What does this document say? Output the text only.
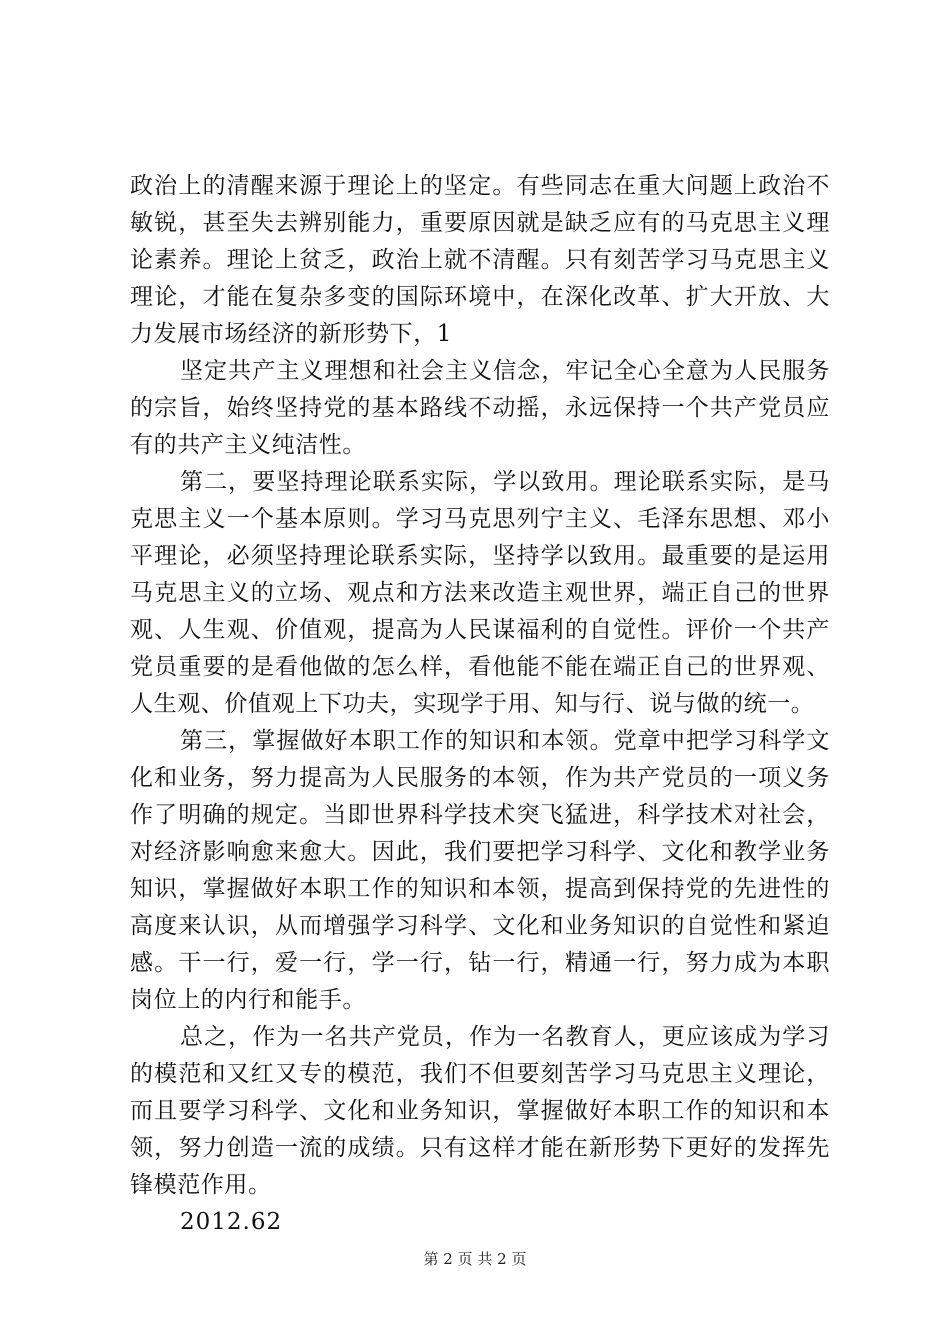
政治上的清醒来源于理论上的坚定。有些同志在重大问题上政治不敏锐，甚至失去辨别能力，重要原因就是缺乏应有的马克思主义理论素养。理论上贫乏，政治上就不清醒。只有刻苦学习马克思主义理论，才能在复杂多变的国际环境中，在深化改革、扩大开放、大力发展市场经济的新形势下，1

坚定共产主义理想和社会主义信念，牢记全心全意为人民服务的宗旨，始终坚持党的基本路线不动摇，永远保持一个共产党员应有的共产主义纯洁性。

第二，要坚持理论联系实际，学以致用。理论联系实际，是马克思主义一个基本原则。学习马克思列宁主义、毛泽东思想、邓小平理论，必须坚持理论联系实际，坚持学以致用。最重要的是运用马克思主义的立场、观点和方法来改造主观世界，端正自己的世界观、人生观、价值观，提高为人民谋福利的自觉性。评价一个共产党员重要的是看他做的怎么样，看他能不能在端正自己的世界观、人生观、价值观上下功夫，实现学于用、知与行、说与做的统一。

第三，掌握做好本职工作的知识和本领。党章中把学习科学文化和业务，努力提高为人民服务的本领，作为共产党员的一项义务作了明确的规定。当即世界科学技术突飞猛进，科学技术对社会，对经济影响愈来愈大。因此，我们要把学习科学、文化和教学业务知识，掌握做好本职工作的知识和本领，提高到保持党的先进性的高度来认识，从而增强学习科学、文化和业务知识的自觉性和紧迫感。干一行，爱一行，学一行，钻一行，精通一行，努力成为本职岗位上的内行和能手。

总之，作为一名共产党员，作为一名教育人，更应该成为学习的模范和又红又专的模范，我们不但要刻苦学习马克思主义理论，而且要学习科学、文化和业务知识，掌握做好本职工作的知识和本领，努力创造一流的成绩。只有这样才能在新形势下更好的发挥先锋模范作用。

2012.62

第 2 页 共 2 页
